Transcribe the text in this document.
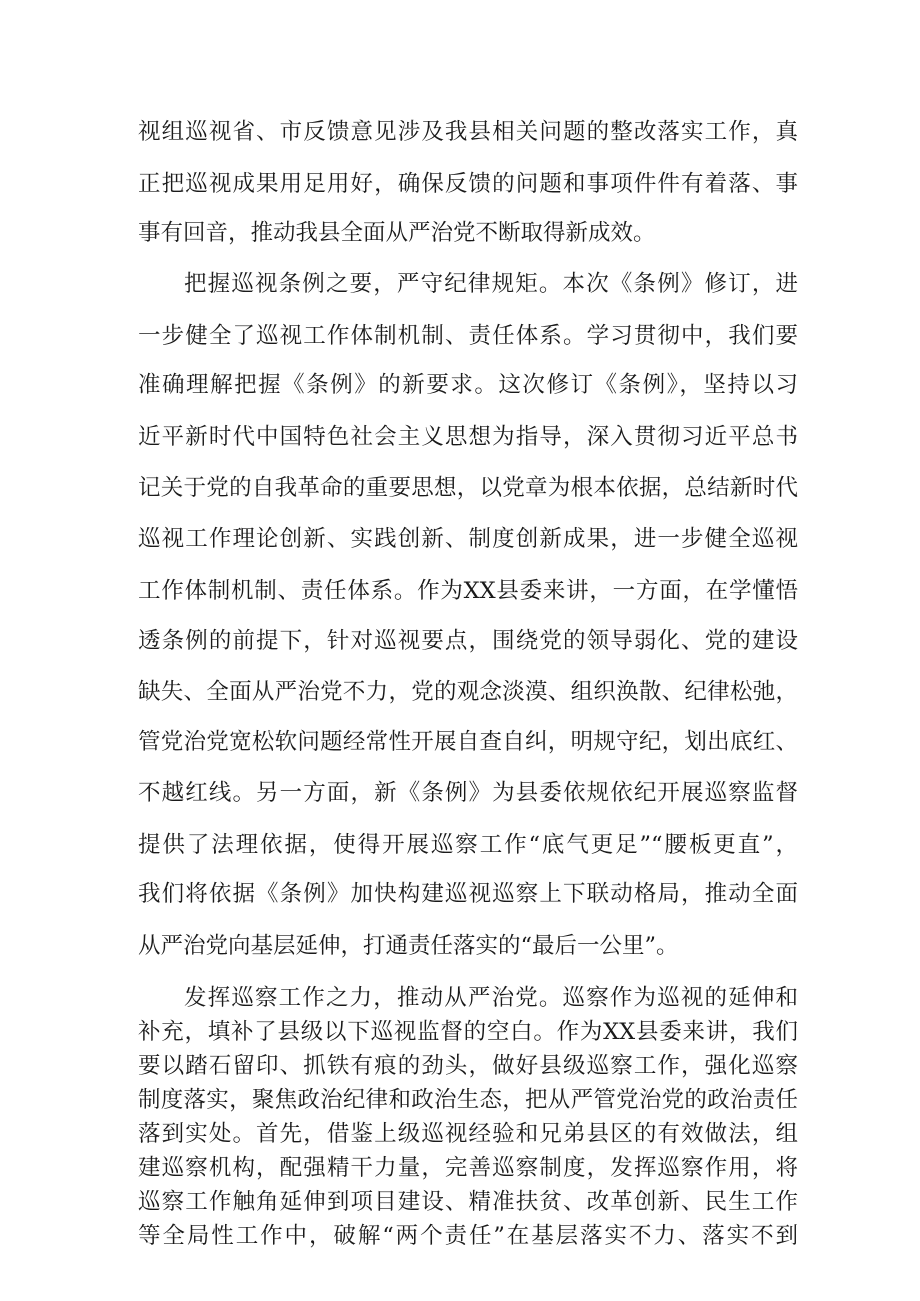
视组巡视省、市反馈意见涉及我县相关问题的整改落实工作，真
正把巡视成果用足用好，确保反馈的问题和事项件件有着落、事
事有回音，推动我县全面从严治党不断取得新成效。
把握巡视条例之要，严守纪律规矩。本次《条例》修订，进
一步健全了巡视工作体制机制、责任体系。学习贯彻中，我们要
准确理解把握《条例》的新要求。这次修订《条例》，坚持以习
近平新时代中国特色社会主义思想为指导，深入贯彻习近平总书
记关于党的自我革命的重要思想，以党章为根本依据，总结新时代
巡视工作理论创新、实践创新、制度创新成果，进一步健全巡视
工作体制机制、责任体系。作为XX县委来讲，一方面，在学懂悟
透条例的前提下，针对巡视要点，围绕党的领导弱化、党的建设
缺失、全面从严治党不力，党的观念淡漠、组织涣散、纪律松弛，
管党治党宽松软问题经常性开展自查自纠，明规守纪，划出底红、
不越红线。另一方面，新《条例》为县委依规依纪开展巡察监督
提供了法理依据，使得开展巡察工作“底气更足”“腰板更直”，
我们将依据《条例》加快构建巡视巡察上下联动格局，推动全面
从严治党向基层延伸，打通责任落实的“最后一公里”。
发挥巡察工作之力，推动从严治党。巡察作为巡视的延伸和
补充，填补了县级以下巡视监督的空白。作为XX县委来讲，我们
要以踏石留印、抓铁有痕的劲头，做好县级巡察工作，强化巡察
制度落实，聚焦政治纪律和政治生态，把从严管党治党的政治责任
落到实处。首先，借鉴上级巡视经验和兄弟县区的有效做法，组
建巡察机构，配强精干力量，完善巡察制度，发挥巡察作用，将
巡察工作触角延伸到项目建设、精准扶贫、改革创新、民生工作
等全局性工作中，破解“两个责任”在基层落实不力、落实不到
